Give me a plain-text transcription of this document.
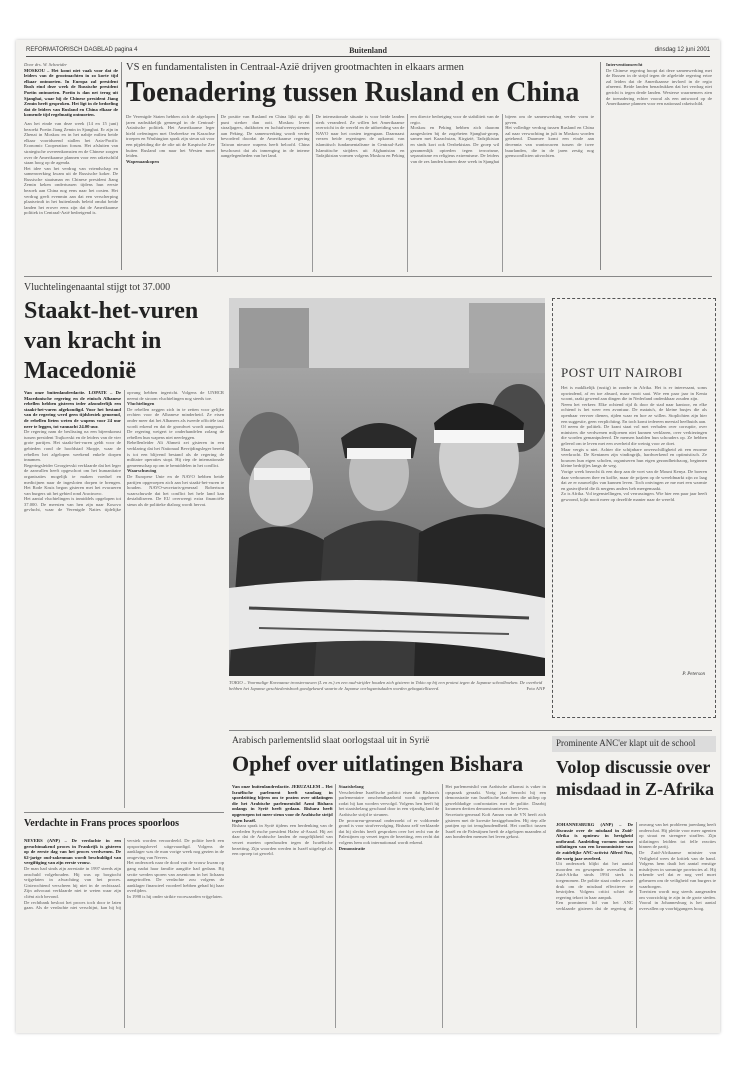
REFORMATORISCH DAGBLAD pagina 4	Buitenland	dinsdag 12 juni 2001
Door drs. W. Schneider
MOSKOU – Het komt niet vaak voor dat de leiders van de grootmachten in zo korte tijd elkaar ontmoeten. In Europa zal president Bush eind deze week de Russische president Poetin ontmoeten. Poetin is dan net terug uit Sjanghai, waar hij de Chinese president Jiang Zemin heeft gesproken. Het ligt in de bedoeling dat de leiders van Rusland en China elkaar de komende tijd regelmatig ontmoeten.
Aan het einde van deze week (14 en 15 juni) bezoekt Poetin Jiang Zemin in Sjanghai. Er zijn in Zhenai in Moskou en in het nabije milieu beide elkaar voortdurend stallen het Azia-Pacific Economic Cooperation forum. Het afsluiten van strategische overeenkomsten en de Chinese zorgen over de Amerikaanse plannen voor een raketschild staan hoog op de agenda.
Het idee van het verdrag van vriendschap en samenwerking kwam uit de Russische koker. De Russische staatsman en Chinese president Jiang Zemin keken ondertussen tijdens hun eerste bezoek aan China nog eens naar het oosten. Het verdrag geeft evenmin aan dat een verscherping plaatsvindt in het buitenlands beleid omdat beide landen het erover eens zijn dat de Amerikaanse politiek in Centraal-Azië bedreigend is.
VS en fundamentalisten in Centraal-Azië drijven grootmachten in elkaars armen
Toenadering tussen Rusland en China
De Verenigde Staten hebben zich de afgelopen jaren nadrukkelijk gemengd in de Centraal-Aziatische politiek. Het Amerikaanse leger hield oefeningen met Oezbeekse en Kazachse troepen en Washington sprak zijn steun uit voor een pijpleiding die de olie uit de Kaspische Zee buiten Rusland om naar het Westen moet leiden.
Wapenaankopen
De positie van Rusland en China lijkt op dit punt sterker dan ooit. Moskou levert straaljagers, duikboten en luchtafweersystemen aan Peking. De samenwerking wordt verder bevorderd doordat de Amerikaanse regering Taiwan nieuwe wapens heeft beloofd. China beschouwt dat als inmenging in de interne aangelegenheden van het land.
De internationale situatie is voor beide landen sterk veranderd. Ze willen het Amerikaanse overwicht in de wereld en de uitbreiding van de NAVO naar het oosten tegengaan. Daarnaast vrezen beide regeringen de opkomst van islamitisch fundamentalisme in Centraal-Azië. Islamitische strijders uit Afghanistan en Tadzjikistan vormen volgens Moskou en Peking een directe bedreiging voor de stabiliteit van de regio.
Moskou en Peking hebben zich daarom aangesloten bij de zogeheten Sjanghai-groep, samen met Kazachstan, Kirgizië, Tadzjikistan en sinds kort ook Oezbekistan. De groep wil gezamenlijk optreden tegen terrorisme, separatisme en religieus extremisme. De leiders van de zes landen komen deze week in Sjanghai bijeen om de samenwerking verder vorm te geven.
Het volledige verdrag tussen Rusland en China zal naar verwachting in juli in Moskou worden getekend. Daarmee komt een einde aan decennia van wantrouwen tussen de twee buurlanden, die in de jaren zestig nog grensconflicten uitvochten.
Interventionsrecht
De Chinese regering hoopt dat deze samenwerking met de Russen in de strijd tegen de afgeleide regering ertoe zal leiden dat de Amerikaanse invloed in de regio afneemt. Beide landen benadrukken dat het verdrag niet gericht is tegen derde landen. Westerse waarnemers zien de toenadering echter vooral als een antwoord op de Amerikaanse plannen voor een nationaal raketschild.
Vluchtelingenaantal stijgt tot 37.000
Staakt-het-vuren van kracht in Macedonië
Van onze buitenlandredactie. LOPATE – De Macedonische regering en de etnisch Albanese rebellen hebben gisteren ieder afzonderlijk een staakt-het-vuren afgekondigd. Voor het bestand van de regering werd geen tijdsbestek genoemd, de rebellen lieten weten de wapens voor 24 uur neer te leggen, tot vannacht 24.00 uur.
De regering nam de beslissing na een bijeenkomst tussen president Trajkovski en de leiders van de vier grote partijen. Het staakt-het-vuren geldt voor de gebieden rond de hoofdstad Skopje, waar de rebellen het afgelopen weekend enkele dorpen innamen.
Regeringsleider Georgievski verklaarde dat het leger de aanvallen heeft opgeschort om het humanitaire organisaties mogelijk te maken voedsel en medicijnen naar de ingesloten dorpen te brengen. Het Rode Kruis begon gisteren met het evacueren van burgers uit het gebied rond Aracinovo.
Het aantal vluchtelingen is inmiddels opgelopen tot 37.000. De meesten van hen zijn naar Kosovo gevlucht, waar de Verenigde Naties tijdelijke opvang hebben ingericht. Volgens de UNHCR neemt de stroom vluchtelingen nog steeds toe.
Vluchtelingen
De rebellen zeggen zich in te zetten voor gelijke rechten voor de Albanese minderheid. Ze eisen onder meer dat het Albanees als tweede officiële taal wordt erkend en dat de grondwet wordt aangepast. De regering weigert te onderhandelen zolang de rebellen hun wapens niet neerleggen.
Rebellenleider Ali Ahmeti zei gisteren in een verklaring dat het Nationaal Bevrijdingsleger bereid is tot een blijvend bestand als de regering de militaire operaties stopt. Hij riep de internationale gemeenschap op om te bemiddelen in het conflict.
Waarschuwing
De Europese Unie en de NAVO hebben beide partijen opgeroepen zich aan het staakt-het-vuren te houden. NAVO-secretaris-generaal Robertson waarschuwde dat het conflict het hele land kan destabiliseren. De EU overweegt extra financiële steun als de politieke dialoog wordt hervat.
TOKIO – Voormalige Koreaanse troostvrouwen (L en m.) en een oud-strijder houden zich gisteren in Tokio op bij een protest tegen de Japanse schoolboeken. De overheid hebben het Japanse geschiedenisboek goedgekeurd waarin de Japanse oorlogsmisdaden worden gebagatelliseerd.	Foto ANP
POST UIT NAIROBI
Het is maklkelijk (rustig) in zonder in Afrika. Het is er interessant, soms opwindend, af en toe absurd, maar nooit saai. Wie een paar jaar in Kenia woont, raakt gewend aan dingen die in Nederland ondenkbaar zouden zijn.
Neem het verkeer. Elke ochtend rijd ik door de stad naar kantoor, en elke ochtend is het weer een avontuur. De matatu's, de kleine busjes die als openbaar vervoer dienen, rijden waar en hoe ze willen. Stoplichten zijn hier een suggestie, geen verplichting. En toch komt iedereen meestal heelhuids aan.
Of neem de politiek. De krant staat vol met verhalen over corruptie, over ministers die verdwenen miljoenen niet kunnen verklaren, over verkiezingen die worden gemanipuleerd. De mensen haalden hun schouders op. Ze hebben geleerd om te leven met een overheid die weinig voor ze doet.
Maar vergis u niet. Achter die schijnbare onverschilligheid zit een enorme veerkracht. De Kenianen zijn vindingrijk, hardwerkend en optimistisch. Ze bouwen hun eigen scholen, organiseren hun eigen gezondheidszorg, beginnen kleine bedrijfjes langs de weg.
Vorige week bezocht ik een dorp aan de voet van de Mount Kenya. De boeren daar verbouwen thee en koffie, maar de prijzen op de wereldmarkt zijn zo laag dat ze er nauwelijks van kunnen leven. Toch ontvingen ze me met een warmte en gastvrijheid die ik nergens anders heb meegemaakt.
Zo is Afrika. Vol tegenstellingen, vol verrassingen. Wie hier een paar jaar heeft gewoond, kijkt nooit meer op dezelfde manier naar de wereld.
P. Peterson
Arabisch parlementslid slaat oorlogstaal uit in Syrië
Ophef over uitlatingen Bishara
Van onze buitenlandredactie. JERUZALEM – Het Israëlische parlement heeft vandaag in spoedzitting bijeen om te praten over uitlatingen die het Arabische parlementslid Azmi Bishara onlangs in Syrië heeft gedaan. Bishara heeft opgeroepen tot meer steun voor de Arabische strijd tegen Israël.
Bishara sprak in Syrië tijdens een herdenking van de overleden Syrische president Hafez al-Assad. Hij zei daar dat de Arabische landen de mogelijkheid van verzet moeten openhouden tegen de Israëlische bezetting. Zijn woorden werden in Israël uitgelegd als een oproep tot geweld.
Staatsbelang
Verscheidene Israëlische politici eisen dat Bishara's parlementaire onschendbaarheid wordt opgeheven zodat hij kan worden vervolgd. Volgens hen heeft hij het staatsbelang geschaad door in een vijandig land de Arabische strijd te steunen.
De procureur-generaal onderzoekt of er voldoende grond is voor strafvervolging. Bishara zelf verklaarde dat hij slechts heeft gesproken over het recht van de Palestijnen op verzet tegen de bezetting, een recht dat volgens hem ook internationaal wordt erkend.
Demonstratie
Het parlementslid van Arabische afkomst is vaker in opspraak geraakt. Vorig jaar bezocht hij een demonstratie van Israëlische Arabieren die uitliep op gewelddadige confrontaties met de politie. Daarbij kwamen dertien demonstranten om het leven.
Secretaris-generaal Kofi Annan van de VN heeft zich gisteren met de kwestie beziggehouden. Hij riep alle partijen op tot terughoudendheid. Het conflict tussen Israël en de Palestijnen heeft de afgelopen maanden al aan honderden mensen het leven gekost.
Verdachte in Frans proces spoorloos
NEVERS (ANP) – De verdachte in een geruchtmakend proces in Frankrijk is gisteren op de eerste dag van het proces verdwenen. De 62-jarige oud-zakenman wordt beschuldigd van vergiftiging van zijn eerste vrouw.
De man had sinds zijn arrestatie in 1997 steeds zijn onschuld volgehouden. Hij was op borgtocht vrijgelaten in afwachting van het proces. Gisterochtend verscheen hij niet in de rechtszaal. Zijn advocaat verklaarde niet te weten waar zijn cliënt zich bevond.
De rechtbank besloot het proces toch door te laten gaan. Als de verdachte niet verschijnt, kan hij bij verstek worden veroordeeld. De politie heeft een opsporingsbevel uitgevaardigd. Volgens de aanklager was de man vorige week nog gezien in de omgeving van Nevers.
Het onderzoek naar de dood van de vrouw kwam op gang nadat haar familie aangifte had gedaan. Bij sectie werden sporen van arsenicum in het lichaam aangetroffen. De verdachte zou volgens de aanklager financieel voordeel hebben gehad bij haar overlijden.
In 1998 is hij onder strikte voorwaarden vrijgelaten.
Prominente ANC'er klapt uit de school
Volop discussie over misdaad in Z-Afrika
JOHANNESBURG (ANP) – De discussie over de misdaad in Zuid-Afrika is opnieuw in hevigheid ontbrand. Aanleiding vormen nieuwe uitlatingen van een kroonminister van de zuidelijke ANC-activist Alfred Nzo, die vorig jaar overleed.
Uit onderzoek blijkt dat het aantal moorden en gewapende overvallen in Zuid-Afrika sinds 1994 sterk is toegenomen. De politie staat onder zware druk om de misdaad effectiever te bestrijden. Volgens critici schiet de regering tekort in haar aanpak.
Een prominent lid van het ANC verklaarde gisteren dat de regering de omvang van het probleem jarenlang heeft onderschat. Hij pleitte voor meer agenten op straat en strengere straffen. Zijn uitlatingen leidden tot felle reacties binnen de partij.
De Zuid-Afrikaanse minister van Veiligheid wees de kritiek van de hand. Volgens hem daalt het aantal ernstige misdrijven in sommige provincies al. Hij erkende wel dat er nog veel moet gebeuren om de veiligheid van burgers te waarborgen.
Toeristen wordt nog steeds aangeraden om voorzichtig te zijn in de grote steden. Vooral in Johannesburg is het aantal overvallen op voorbijgangers hoog.
